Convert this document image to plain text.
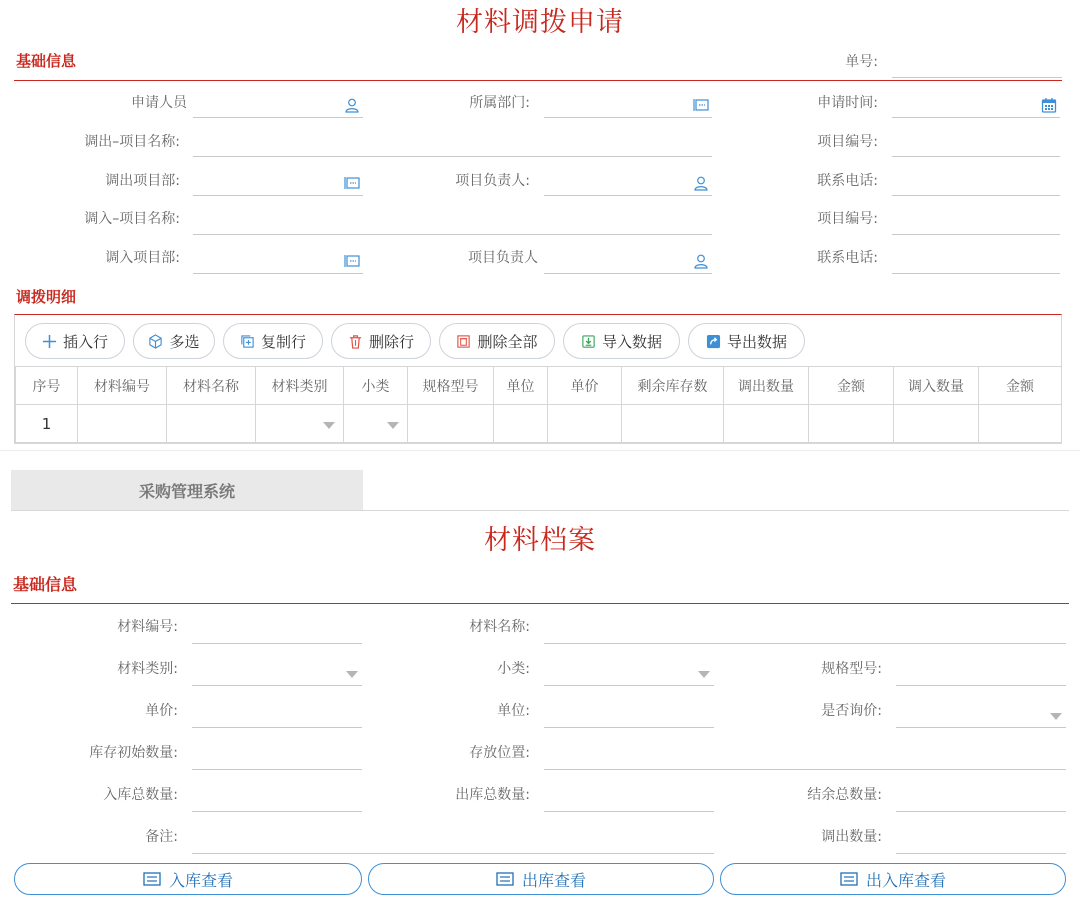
材料调拨申请
基础信息	单号:
申请人员	所属部门:	申请时间:
调出–项目名称:	项目编号:
调出项目部:	项目负责人:	联系电话:
调入–项目名称:	项目编号:
调入项目部:	项目负责人	联系电话:
调拨明细
插入行	多选	复制行	删除行	删除全部	导入数据	导出数据
序号	材料编号	材料名称	材料类别	小类	规格型号	单位	单价	剩余库存数	调出数量	金额	调入数量	金额
1			

采购管理系统
材料档案
基础信息
材料编号:	材料名称:
材料类别:	小类:	规格型号:
单价:	单位:	是否询价:
库存初始数量:	存放位置:
入库总数量:	出库总数量:	结余总数量:
备注:	调出数量:
入库查看	出库查看	出入库查看
